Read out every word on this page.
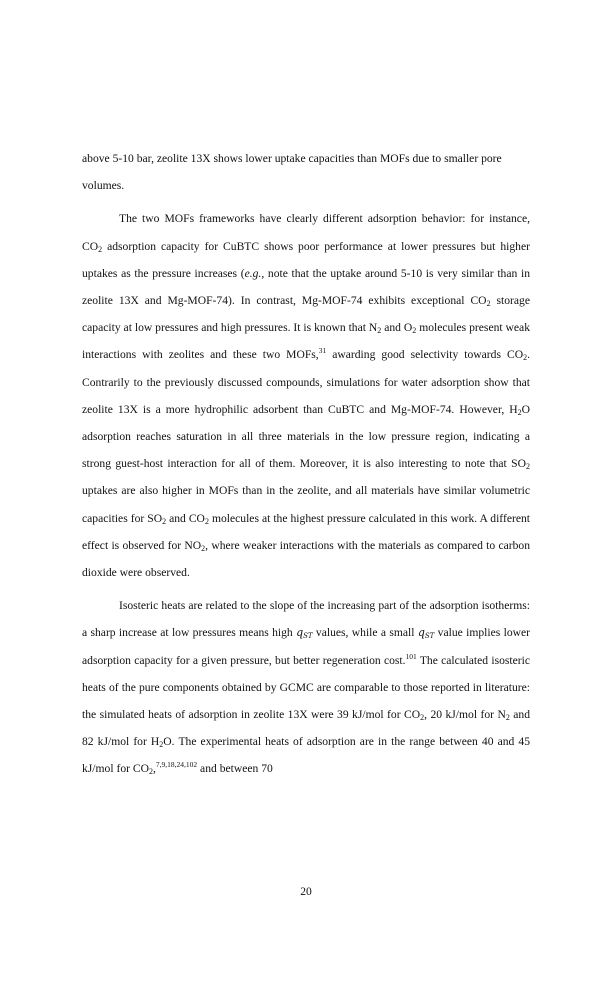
above 5-10 bar, zeolite 13X shows lower uptake capacities than MOFs due to smaller pore volumes.

The two MOFs frameworks have clearly different adsorption behavior: for instance, $CO_2$ adsorption capacity for CuBTC shows poor performance at lower pressures but higher uptakes as the pressure increases (e.g., note that the uptake around 5-10 is very similar than in zeolite 13X and Mg-MOF-74). In contrast, Mg-MOF-74 exhibits exceptional $CO_2$ storage capacity at low pressures and high pressures. It is known that $N_2$ and $O_2$ molecules present weak interactions with zeolites and these two MOFs,$^{31}$ awarding good selectivity towards $CO_2$. Contrarily to the previously discussed compounds, simulations for water adsorption show that zeolite 13X is a more hydrophilic adsorbent than CuBTC and Mg-MOF-74. However, $H_2O$ adsorption reaches saturation in all three materials in the low pressure region, indicating a strong guest-host interaction for all of them. Moreover, it is also interesting to note that $SO_2$ uptakes are also higher in MOFs than in the zeolite, and all materials have similar volumetric capacities for $SO_2$ and $CO_2$ molecules at the highest pressure calculated in this work. A different effect is observed for $NO_2$, where weaker interactions with the materials as compared to carbon dioxide were observed.

Isosteric heats are related to the slope of the increasing part of the adsorption isotherms: a sharp increase at low pressures means high $q_{ST}$ values, while a small $q_{ST}$ value implies lower adsorption capacity for a given pressure, but better regeneration cost.$^{101}$ The calculated isosteric heats of the pure components obtained by GCMC are comparable to those reported in literature: the simulated heats of adsorption in zeolite 13X were 39 kJ/mol for $CO_2$, 20 kJ/mol for $N_2$ and 82 kJ/mol for $H_2O$. The experimental heats of adsorption are in the range between 40 and 45 kJ/mol for $CO_2,^{7,9,18,24,102}$ and between 70

20
